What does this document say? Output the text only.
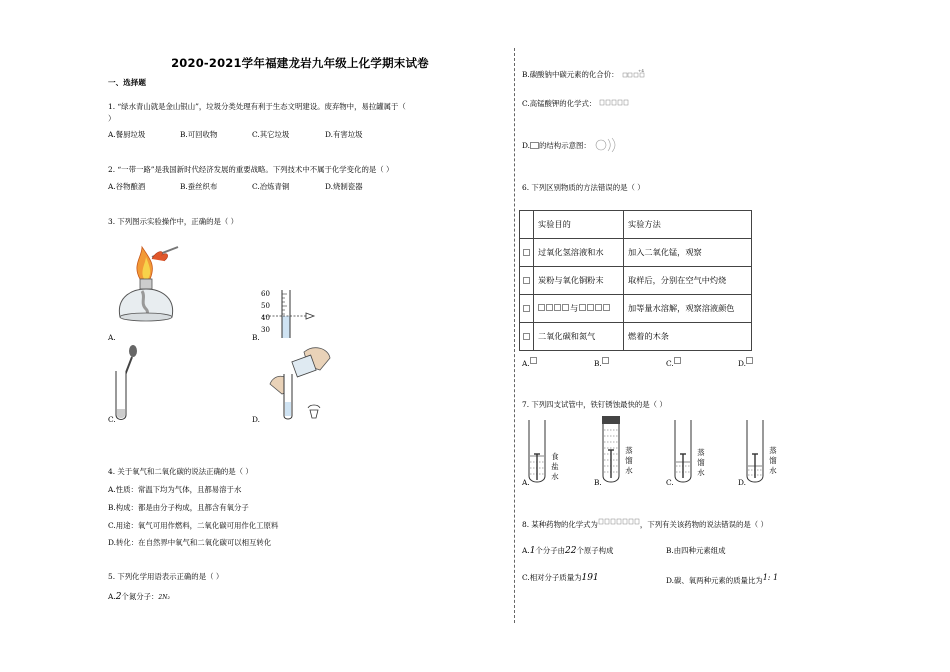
2020-2021学年福建龙岩九年级上化学期末试卷
一、选择题
1. “绿水青山就是金山银山”，垃圾分类处理有利于生态文明建设。废弃物中，易拉罐属于（
）
A.餐厨垃圾	B.可回收物	C.其它垃圾	D.有害垃圾
2. “一带一路”是我国新时代经济发展的重要战略。下列技术中不属于化学变化的是（ ）
A.谷物酿酒	B.蚕丝织布	C.冶炼青铜	D.烧制瓷器
3. 下列图示实验操作中，正确的是（ ）
A.
60
50
40
30
B.
C.	D.
4. 关于氧气和二氧化碳的说法正确的是（ ）
A.性质：常温下均为气体，且都易溶于水
B.构成：都是由分子构成，且都含有氧分子
C.用途：氧气可用作燃料，二氧化碳可用作化工原料
D.转化：在自然界中氧气和二氧化碳可以相互转化
5. 下列化学用语表示正确的是（ ）
A.2个氮分子：2N₂
B.碳酸钠中碳元素的化合价：	+4
C.高锰酸钾的化学式：
D. 的结构示意图：
6. 下列区别物质的方法错误的是（ ）
	实验目的	实验方法
	过氧化氢溶液和水	加入二氧化锰，观察
	炭粉与氧化铜粉末	取样后，分别在空气中灼烧
	与	加等量水溶解，观察溶液颜色
	二氧化碳和氮气	燃着的木条
A.	B.	C.	D.
7. 下列四支试管中，铁钉锈蚀最快的是（ ）
食
盐
水
A.
蒸
馏
水
B.
蒸
馏
水
C.
蒸
馏
水
D.
8. 某种药物的化学式为	，下列有关该药物的说法错误的是（ ）
A.1个分子由22个原子构成	B.由四种元素组成
C.相对分子质量为191	D.碳、氧两种元素的质量比为1: 1
